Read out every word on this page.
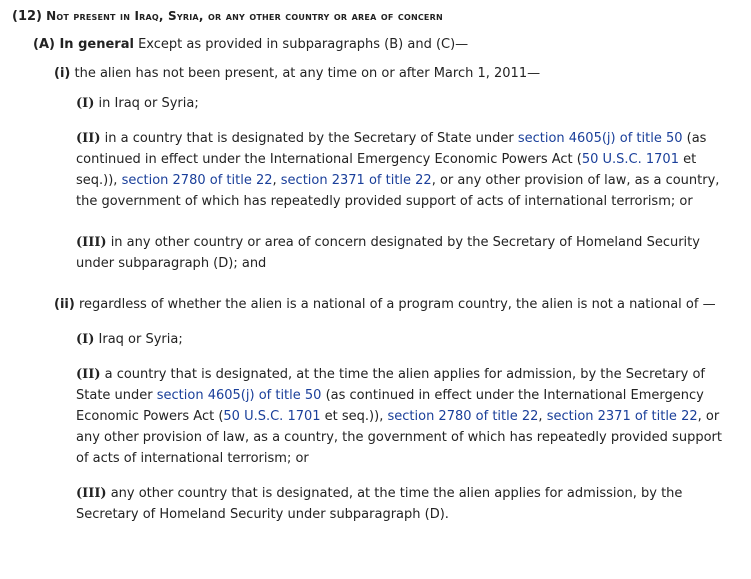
(12) Not present in Iraq, Syria, or any other country or area of concern

(A) In general Except as provided in subparagraphs (B) and (C)—

(i) the alien has not been present, at any time on or after March 1, 2011—

(I) in Iraq or Syria;

(II) in a country that is designated by the Secretary of State under section 4605(j) of title 50 (as continued in effect under the International Emergency Economic Powers Act (50 U.S.C. 1701 et seq.)), section 2780 of title 22, section 2371 of title 22, or any other provision of law, as a country, the government of which has repeatedly provided support of acts of international terrorism; or

(III) in any other country or area of concern designated by the Secretary of Homeland Security under subparagraph (D); and

(ii) regardless of whether the alien is a national of a program country, the alien is not a national of —

(I) Iraq or Syria;

(II) a country that is designated, at the time the alien applies for admission, by the Secretary of State under section 4605(j) of title 50 (as continued in effect under the International Emergency Economic Powers Act (50 U.S.C. 1701 et seq.)), section 2780 of title 22, section 2371 of title 22, or any other provision of law, as a country, the government of which has repeatedly provided support of acts of international terrorism; or

(III) any other country that is designated, at the time the alien applies for admission, by the Secretary of Homeland Security under subparagraph (D).
